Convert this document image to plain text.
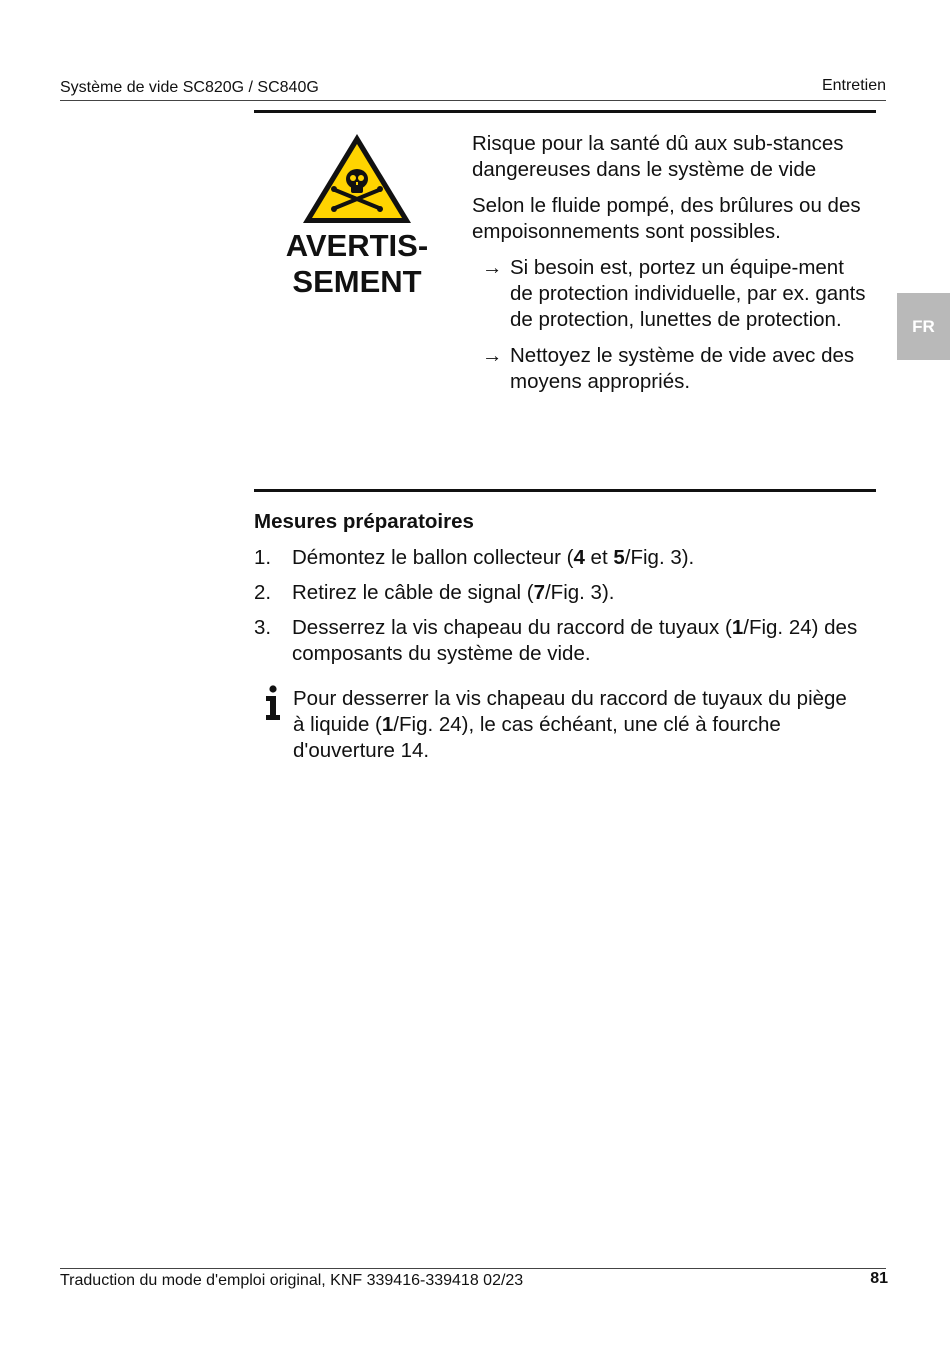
Système de vide SC820G / SC840G	Entretien
FR
AVERTIS-
SEMENT

Risque pour la santé dû aux sub-stances dangereuses dans le système de vide

Selon le fluide pompé, des brûlures ou des empoisonnements sont possibles.

→ Si besoin est, portez un équipe-ment de protection individuelle, par ex. gants de protection, lunettes de protection.
→ Nettoyez le système de vide avec des moyens appropriés.
Mesures préparatoires
1. Démontez le ballon collecteur (4 et 5/Fig. 3).
2. Retirez le câble de signal (7/Fig. 3).
3. Desserrez la vis chapeau du raccord de tuyaux (1/Fig. 24) des composants du système de vide.
Pour desserrer la vis chapeau du raccord de tuyaux du piège à liquide (1/Fig. 24), le cas échéant, une clé à fourche d'ouverture 14.
Traduction du mode d'emploi original, KNF 339416-339418 02/23	81
